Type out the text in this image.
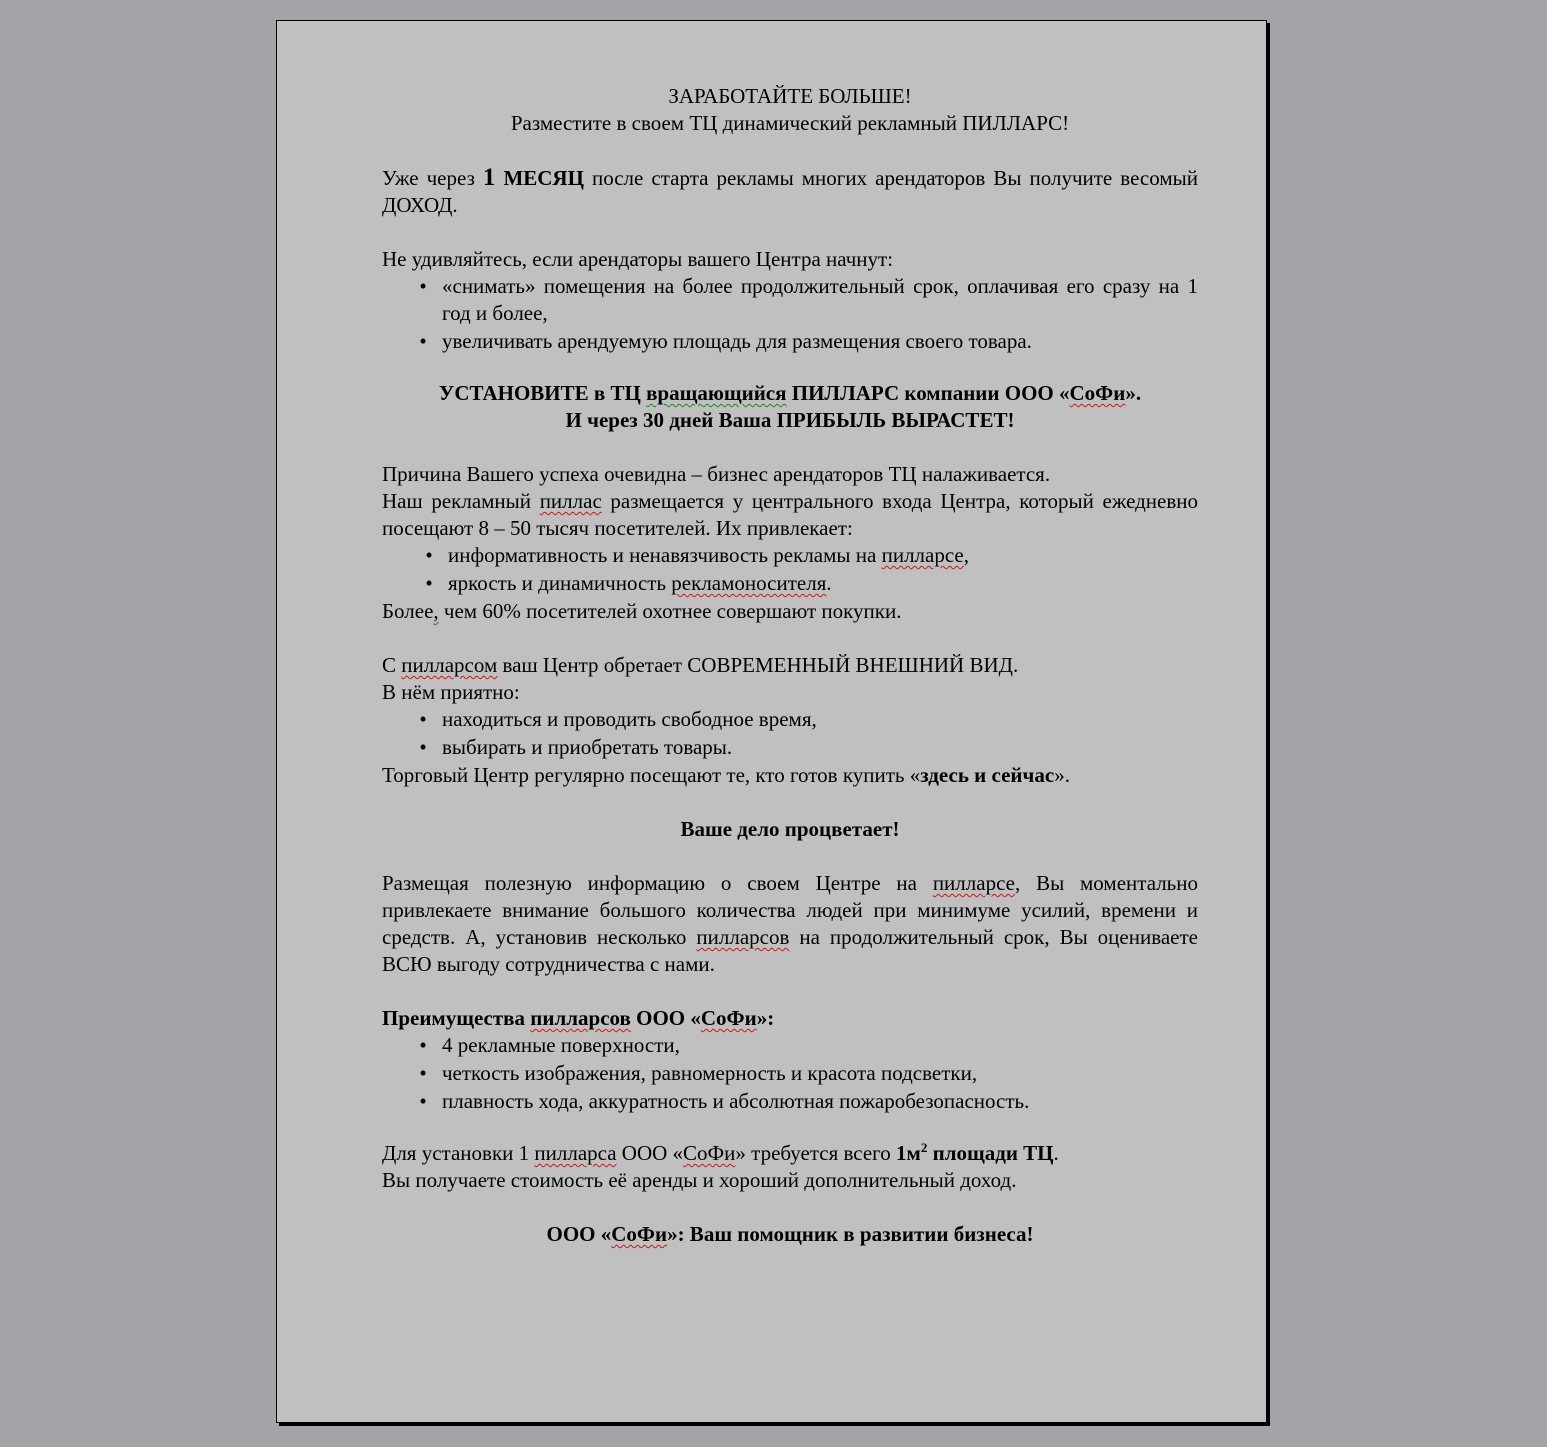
ЗАРАБОТАЙТЕ БОЛЬШЕ!

Разместите в своем ТЦ динамический рекламный ПИЛЛАРС!

Уже через 1 МЕСЯЦ после старта рекламы многих арендаторов Вы получите весомый ДОХОД.

Не удивляйтесь, если арендаторы вашего Центра начнут:

• «снимать» помещения на более продолжительный срок, оплачивая его сразу на 1 год и более,
• увеличивать арендуемую площадь для размещения своего товара.

УСТАНОВИТЕ в ТЦ вращающийся ПИЛЛАРС компании ООО «СоФи».

И через 30 дней Ваша ПРИБЫЛЬ ВЫРАСТЕТ!

Причина Вашего успеха очевидна – бизнес арендаторов ТЦ налаживается.

Наш рекламный пиллас размещается у центрального входа Центра, который ежедневно посещают 8 – 50 тысяч посетителей. Их привлекает:

• информативность и ненавязчивость рекламы на пилларсе,
• яркость и динамичность рекламоносителя.

Более, чем 60% посетителей охотнее совершают покупки.

С пилларсом ваш Центр обретает СОВРЕМЕННЫЙ ВНЕШНИЙ ВИД.

В нём приятно:

• находиться и проводить свободное время,
• выбирать и приобретать товары.

Торговый Центр регулярно посещают те, кто готов купить «здесь и сейчас».

Ваше дело процветает!

Размещая полезную информацию о своем Центре на пилларсе, Вы моментально привлекаете внимание большого количества людей при минимуме усилий, времени и средств. А, установив несколько пилларсов на продолжительный срок, Вы оцениваете ВСЮ выгоду сотрудничества с нами.

Преимущества пилларсов ООО «СоФи»:

• 4 рекламные поверхности,
• четкость изображения, равномерность и красота подсветки,
• плавность хода, аккуратность и абсолютная пожаробезопасность.

Для установки 1 пилларса ООО «СоФи» требуется всего $1м^2$ площади ТЦ.

Вы получаете стоимость её аренды и хороший дополнительный доход.

ООО «СоФи»: Ваш помощник в развитии бизнеса!
